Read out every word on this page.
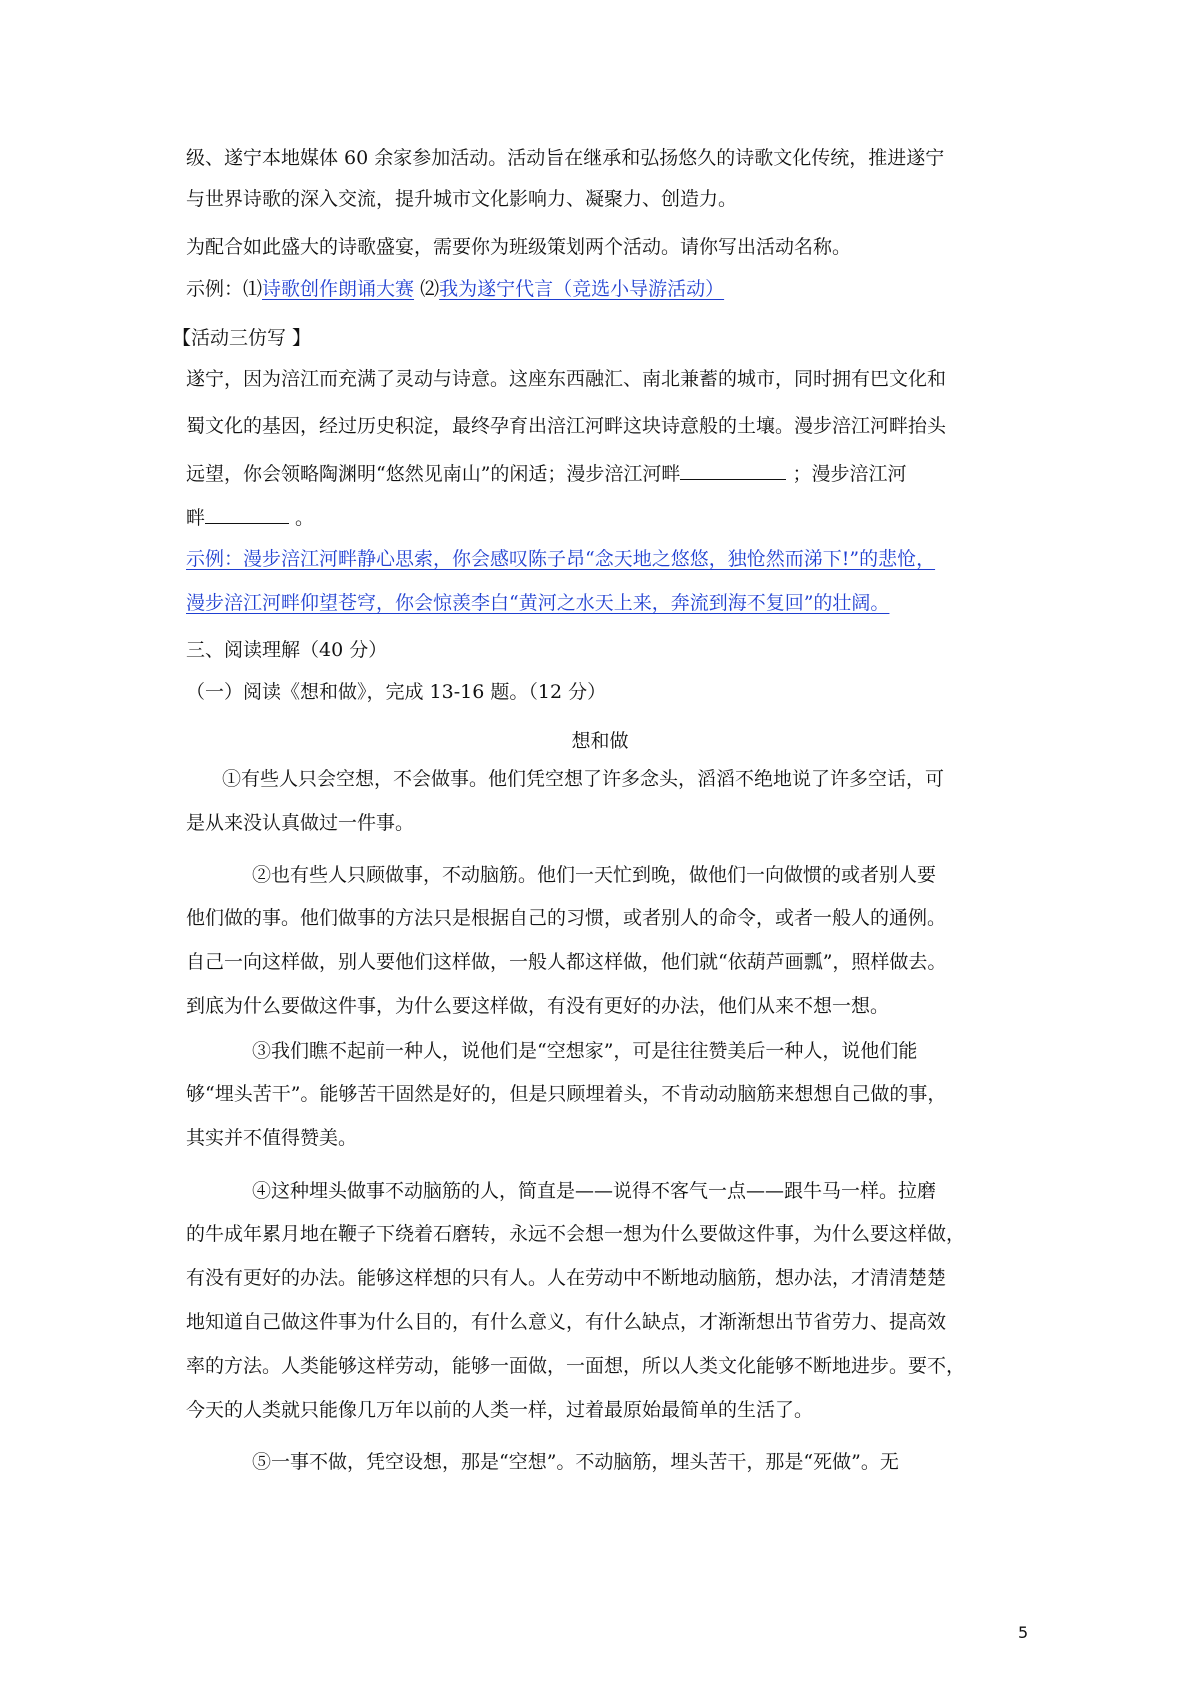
级、遂宁本地媒体 60 余家参加活动。活动旨在继承和弘扬悠久的诗歌文化传统，推进遂宁
与世界诗歌的深入交流，提升城市文化影响力、凝聚力、创造力。
为配合如此盛大的诗歌盛宴，需要你为班级策划两个活动。请你写出活动名称。
示例：⑴诗歌创作朗诵大赛 ⑵我为遂宁代言（竞选小导游活动）
【活动三仿写 】
遂宁，因为涪江而充满了灵动与诗意。这座东西融汇、南北兼蓄的城市，同时拥有巴文化和
蜀文化的基因，经过历史积淀，最终孕育出涪江河畔这块诗意般的土壤。漫步涪江河畔抬头
远望，你会领略陶渊明“悠然见南山”的闲适；漫步涪江河畔	；漫步涪江河
畔	。
示例：漫步涪江河畔静心思索，你会感叹陈子昂“念天地之悠悠，独怆然而涕下!”的悲怆，
漫步涪江河畔仰望苍穹，你会惊羡李白“黄河之水天上来，奔流到海不复回”的壮阔。
三、阅读理解（40 分）
（一）阅读《想和做》，完成 13-16 题。（12 分）
想和做
①有些人只会空想，不会做事。他们凭空想了许多念头，滔滔不绝地说了许多空话，可
是从来没认真做过一件事。
②也有些人只顾做事，不动脑筋。他们一天忙到晚，做他们一向做惯的或者别人要
他们做的事。他们做事的方法只是根据自己的习惯，或者别人的命令，或者一般人的通例。
自己一向这样做，别人要他们这样做，一般人都这样做，他们就“依葫芦画瓢”，照样做去。
到底为什么要做这件事，为什么要这样做，有没有更好的办法，他们从来不想一想。
③我们瞧不起前一种人，说他们是“空想家”，可是往往赞美后一种人，说他们能
够“埋头苦干”。能够苦干固然是好的，但是只顾埋着头，不肯动动脑筋来想想自己做的事，
其实并不值得赞美。
④这种埋头做事不动脑筋的人，简直是——说得不客气一点——跟牛马一样。拉磨
的牛成年累月地在鞭子下绕着石磨转，永远不会想一想为什么要做这件事，为什么要这样做，
有没有更好的办法。能够这样想的只有人。人在劳动中不断地动脑筋，想办法，才清清楚楚
地知道自己做这件事为什么目的，有什么意义，有什么缺点，才渐渐想出节省劳力、提高效
率的方法。人类能够这样劳动，能够一面做，一面想，所以人类文化能够不断地进步。要不，
今天的人类就只能像几万年以前的人类一样，过着最原始最简单的生活了。
⑤一事不做，凭空设想，那是“空想”。不动脑筋，埋头苦干，那是“死做”。无
5
